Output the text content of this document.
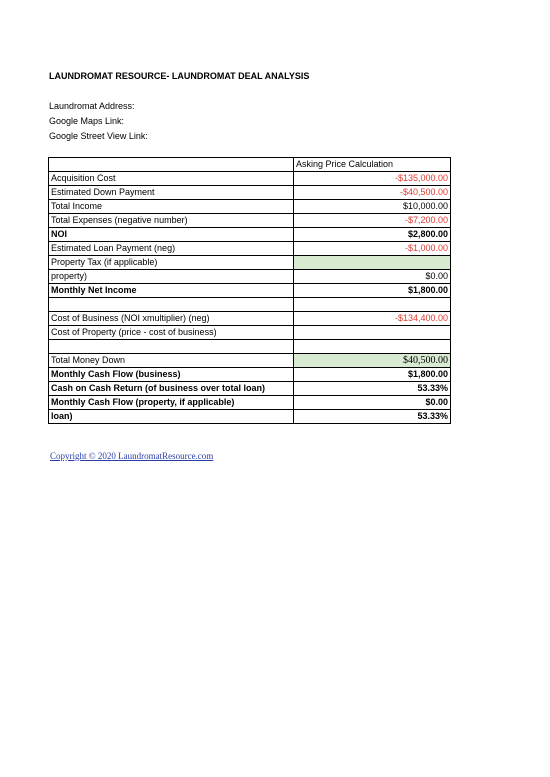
LAUNDROMAT RESOURCE- LAUNDROMAT DEAL ANALYSIS
Laundromat Address:
Google Maps Link:
Google Street View Link:
	Asking Price Calculation
Acquisition Cost	-$135,000.00
Estimated Down Payment	-$40,500.00
Total Income	$10,000.00
Total Expenses (negative number)	-$7,200.00
NOI	$2,800.00
Estimated Loan Payment (neg)	-$1,000.00
Property Tax (if applicable)	
property)	$0.00
Monthly Net Income	$1,800.00

Cost of Business (NOI xmultiplier) (neg)	-$134,400.00
Cost of Property (price - cost of business)	

Total Money Down	$40,500.00
Monthly Cash Flow (business)	$1,800.00
Cash on Cash Return (of business over total loan)	53.33%
Monthly Cash Flow (property, if applicable)	$0.00
loan)	53.33%
Copyright © 2020 LaundromatResource.com
